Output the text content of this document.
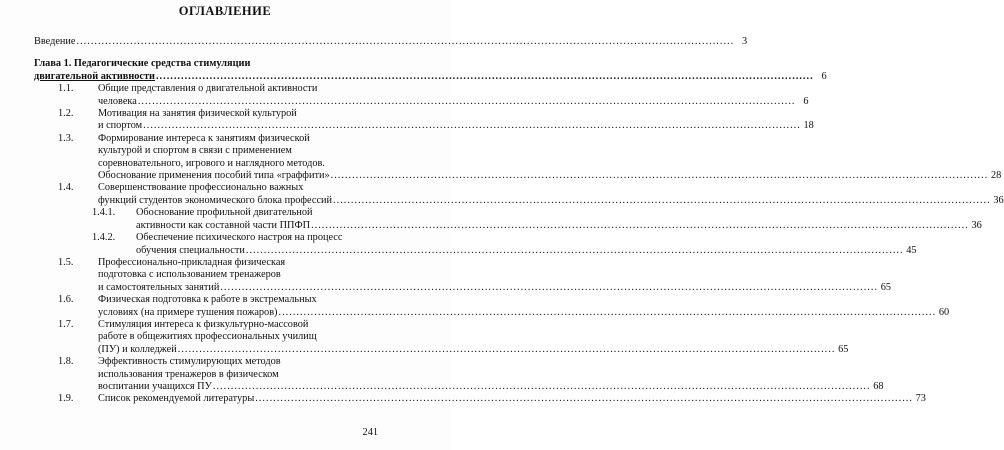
ОГЛАВЛЕНИЕ
Введение .....	3
Глава 1. Педагогические средства стимуляции
двигательной активности .....	6
1.1.	Общие представления о двигательной активности
человека .....	6
1.2.	Мотивация на занятия физической культурой
и спортом .....	18
1.3.	Формирование интереса к занятиям физической
культурой и спортом в связи с применением
соревновательного, игрового и наглядного методов.
Обоснование применения пособий типа «граффити» .....	28
1.4.	Совершенствование профессионально важных
функций студентов экономического блока профессий .....	36
1.4.1.	Обоснование профильной двигательной
активности как составной части ППФП .....	36
1.4.2.	Обеспечение психического настроя на процесс
обучения специальности .....	45
1.5.	Профессионально-прикладная физическая
подготовка с использованием тренажеров
и самостоятельных занятий .....	65
1.6.	Физическая подготовка к работе в экстремальных
условиях (на примере тушения пожаров) .....	60
1.7.	Стимуляция интереса к физкультурно-массовой
работе в общежитиях профессиональных училищ
(ПУ) и колледжей .....	65
1.8.	Эффективность стимулирующих методов
использования тренажеров в физическом
воспитании учащихся ПУ .....	68
1.9.	Список рекомендуемой литературы .....	73
241
